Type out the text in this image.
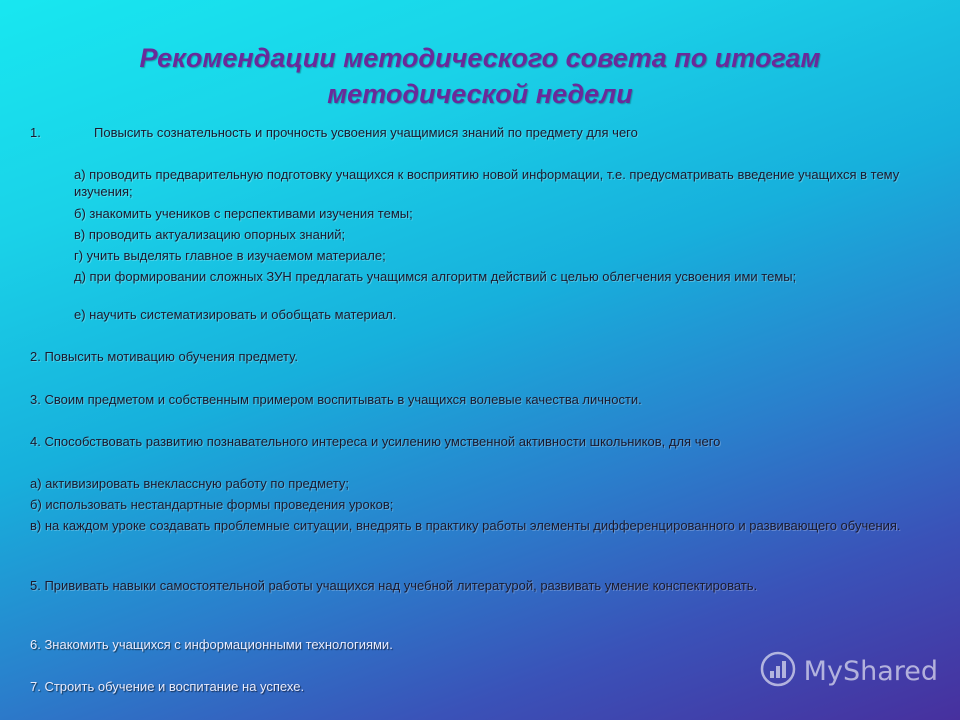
Рекомендации методического совета по итогам
методической недели
1.	Повысить сознательность и прочность усвоения учащимися знаний по предмету для чего
а) проводить предварительную подготовку учащихся к восприятию новой информации, т.е. предусматривать введение учащихся в тему изучения;
б) знакомить учеников с перспективами изучения темы;
в) проводить актуализацию опорных знаний;
г) учить выделять главное в изучаемом материале;
д) при формировании сложных ЗУН предлагать учащимся алгоритм действий с целью облегчения усвоения ими темы;
е) научить систематизировать и обобщать материал.
2. Повысить мотивацию обучения предмету.
3. Своим предметом и собственным примером воспитывать в учащихся волевые качества личности.
4. Способствовать развитию познавательного интереса и усилению умственной активности школьников, для чего
а) активизировать внеклассную работу по предмету;
б) использовать нестандартные формы проведения уроков;
в) на каждом уроке создавать проблемные ситуации, внедрять в практику работы элементы дифференцированного и развивающего обучения.
5. Прививать навыки самостоятельной работы учащихся над учебной литературой, развивать умение конспектировать.
6. Знакомить учащихся с информационными технологиями.
7. Строить обучение и воспитание на успехе.	MyShared
